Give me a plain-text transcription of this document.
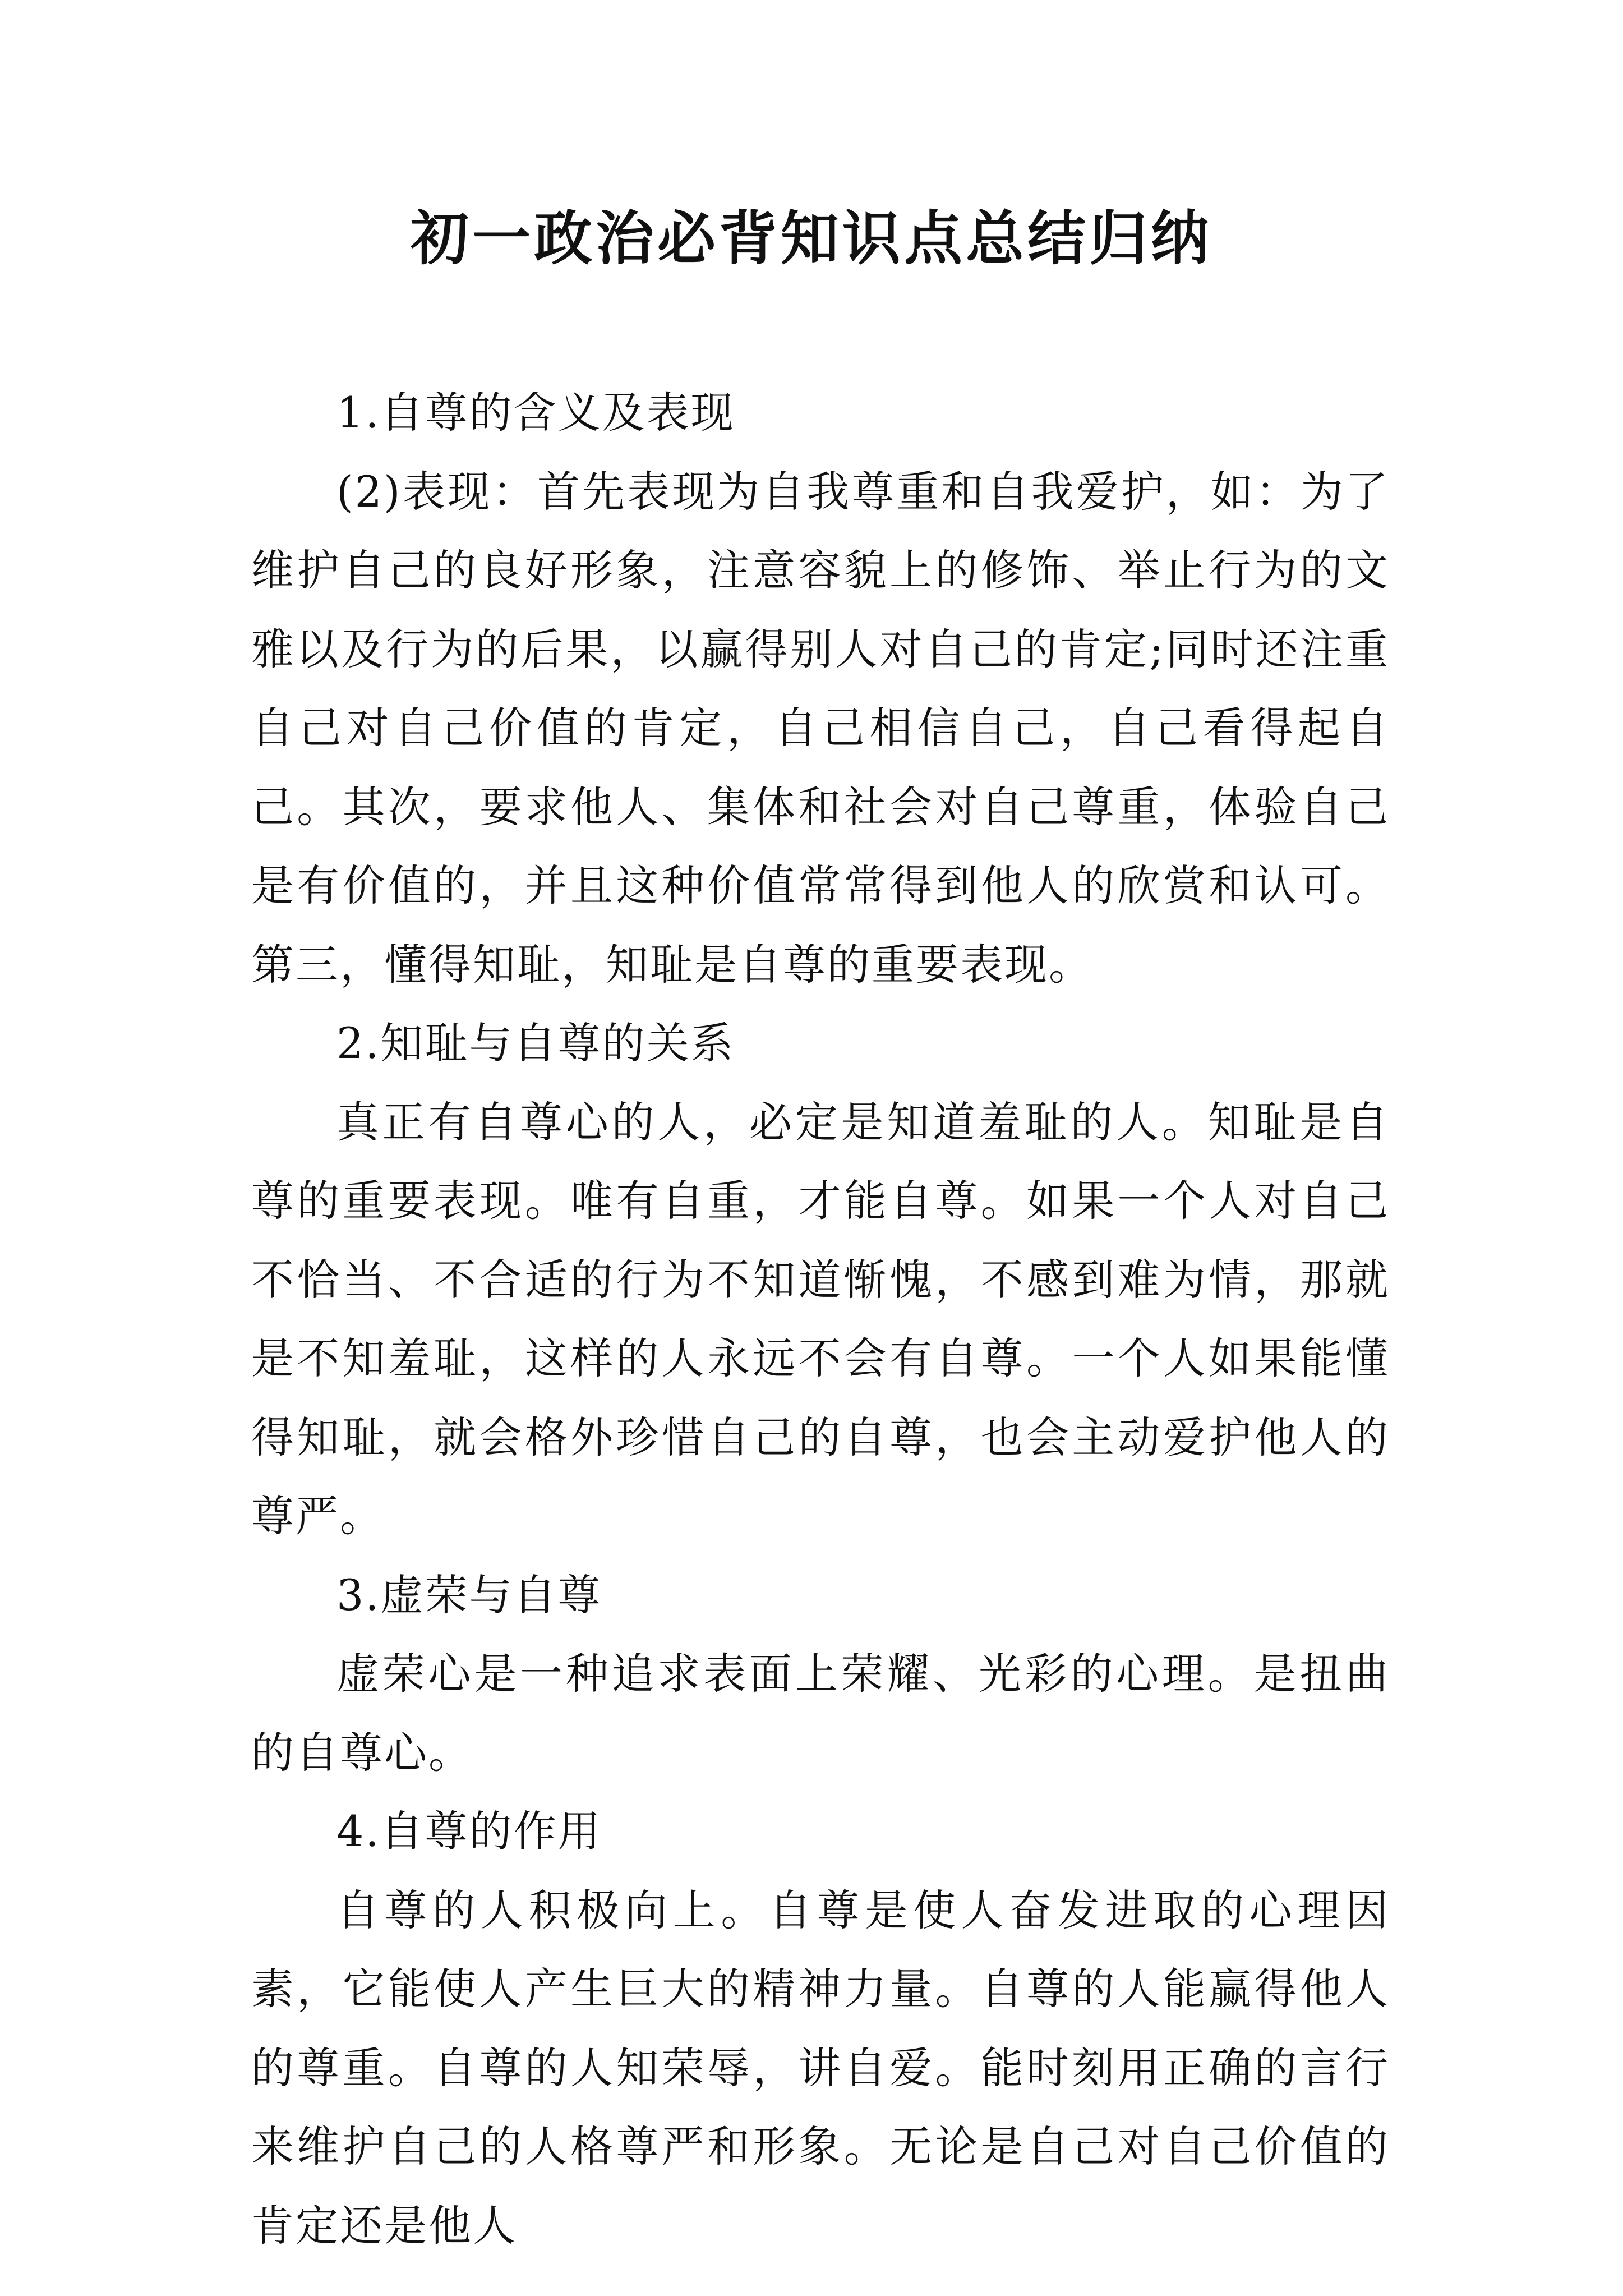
初一政治必背知识点总结归纳

1.自尊的含义及表现

(2)表现：首先表现为自我尊重和自我爱护，如：为了维护自己的良好形象，注意容貌上的修饰、举止行为的文雅以及行为的后果，以赢得别人对自己的肯定;同时还注重自己对自己价值的肯定，自己相信自己，自己看得起自己。其次，要求他人、集体和社会对自己尊重，体验自己是有价值的，并且这种价值常常得到他人的欣赏和认可。第三，懂得知耻，知耻是自尊的重要表现。

2.知耻与自尊的关系

真正有自尊心的人，必定是知道羞耻的人。知耻是自尊的重要表现。唯有自重，才能自尊。如果一个人对自己不恰当、不合适的行为不知道惭愧，不感到难为情，那就是不知羞耻，这样的人永远不会有自尊。一个人如果能懂得知耻，就会格外珍惜自己的自尊，也会主动爱护他人的尊严。

3.虚荣与自尊

虚荣心是一种追求表面上荣耀、光彩的心理。是扭曲的自尊心。

4.自尊的作用

自尊的人积极向上。自尊是使人奋发进取的心理因素，它能使人产生巨大的精神力量。自尊的人能赢得他人的尊重。自尊的人知荣辱，讲自爱。能时刻用正确的言行来维护自己的人格尊严和形象。无论是自己对自己价值的肯定还是他人
